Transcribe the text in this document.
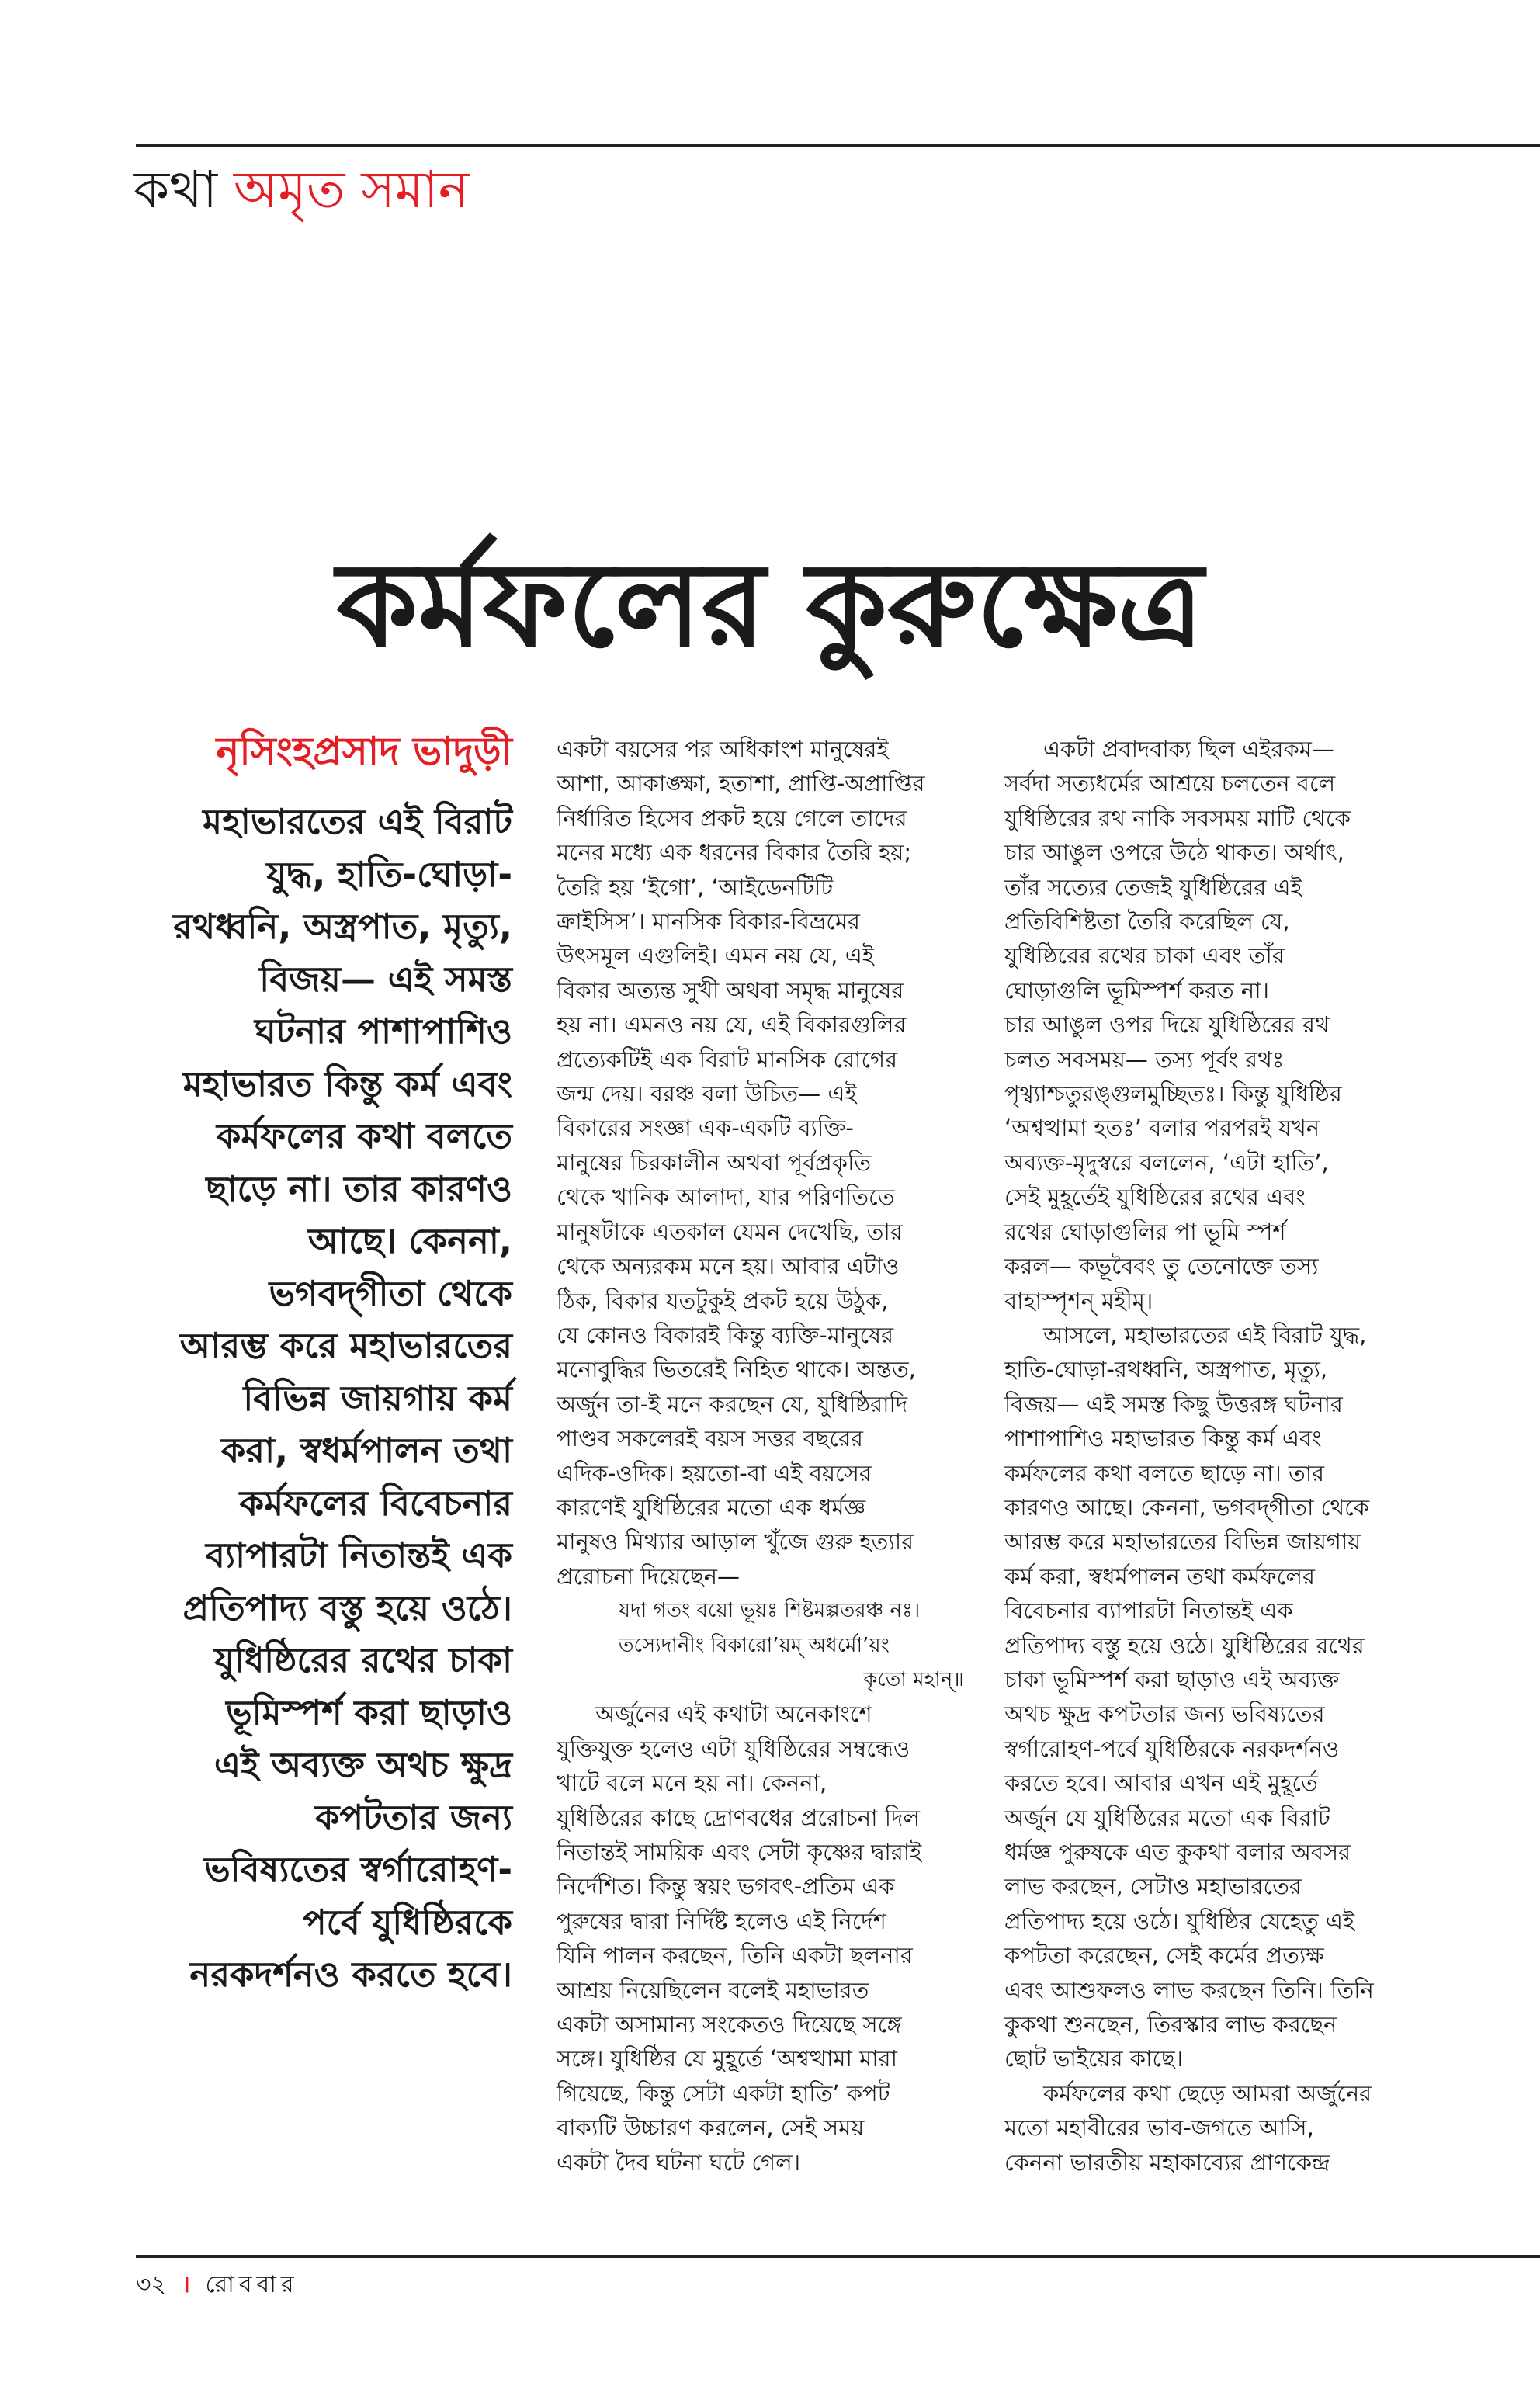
কথা অমৃত সমান
কর্মফলের কুরুক্ষেত্র
নৃসিংহপ্রসাদ ভাদুড়ী
মহাভারতের এই বিরাট
যুদ্ধ, হাতি-ঘোড়া-
রথধ্বনি, অস্ত্রপাত, মৃত্যু,
বিজয়— এই সমস্ত
ঘটনার পাশাপাশিও
মহাভারত কিন্তু কর্ম এবং
কর্মফলের কথা বলতে
ছাড়ে না। তার কারণও
আছে। কেননা,
ভগবদ্‌গীতা থেকে
আরম্ভ করে মহাভারতের
বিভিন্ন জায়গায় কর্ম
করা, স্বধর্মপালন তথা
কর্মফলের বিবেচনার
ব্যাপারটা নিতান্তই এক
প্রতিপাদ্য বস্তু হয়ে ওঠে।
যুধিষ্ঠিরের রথের চাকা
ভূমিস্পর্শ করা ছাড়াও
এই অব্যক্ত অথচ ক্ষুদ্র
কপটতার জন্য
ভবিষ্যতের স্বর্গারোহণ-
পর্বে যুধিষ্ঠিরকে
নরকদর্শনও করতে হবে।
একটা বয়সের পর অধিকাংশ মানুষেরই
আশা, আকাঙ্ক্ষা, হতাশা, প্রাপ্তি-অপ্রাপ্তির
নির্ধারিত হিসেব প্রকট হয়ে গেলে তাদের
মনের মধ্যে এক ধরনের বিকার তৈরি হয়;
তৈরি হয় ‘ইগো’, ‘আইডেনটিটি
ক্রাইসিস’। মানসিক বিকার-বিভ্রমের
উৎসমূল এগুলিই। এমন নয় যে, এই
বিকার অত্যন্ত সুখী অথবা সমৃদ্ধ মানুষের
হয় না। এমনও নয় যে, এই বিকারগুলির
প্রত্যেকটিই এক বিরাট মানসিক রোগের
জন্ম দেয়। বরঞ্চ বলা উচিত— এই
বিকারের সংজ্ঞা এক-একটি ব্যক্তি-
মানুষের চিরকালীন অথবা পূর্বপ্রকৃতি
থেকে খানিক আলাদা, যার পরিণতিতে
মানুষটাকে এতকাল যেমন দেখেছি, তার
থেকে অন্যরকম মনে হয়। আবার এটাও
ঠিক, বিকার যতটুকুই প্রকট হয়ে উঠুক,
যে কোনও বিকারই কিন্তু ব্যক্তি-মানুষের
মনোবুদ্ধির ভিতরেই নিহিত থাকে। অন্তত,
অর্জুন তা-ই মনে করছেন যে, যুধিষ্ঠিরাদি
পাণ্ডব সকলেরই বয়স সত্তর বছরের
এদিক-ওদিক। হয়তো-বা এই বয়সের
কারণেই যুধিষ্ঠিরের মতো এক ধর্মজ্ঞ
মানুষও মিথ্যার আড়াল খুঁজে গুরু হত্যার
প্ররোচনা দিয়েছেন—
যদা গতং বয়ো ভূয়ঃ শিষ্টমল্পতরঞ্চ নঃ।
তস্যেদানীং বিকারো’য়ম্ অধর্মো’য়ং
কৃতো মহান্॥
অর্জুনের এই কথাটা অনেকাংশে
যুক্তিযুক্ত হলেও এটা যুধিষ্ঠিরের সম্বন্ধেও
খাটে বলে মনে হয় না। কেননা,
যুধিষ্ঠিরের কাছে দ্রোণবধের প্ররোচনা দিল
নিতান্তই সাময়িক এবং সেটা কৃষ্ণের দ্বারাই
নির্দেশিত। কিন্তু স্বয়ং ভগবৎ-প্রতিম এক
পুরুষের দ্বারা নির্দিষ্ট হলেও এই নির্দেশ
যিনি পালন করছেন, তিনি একটা ছলনার
আশ্রয় নিয়েছিলেন বলেই মহাভারত
একটা অসামান্য সংকেতও দিয়েছে সঙ্গে
সঙ্গে। যুধিষ্ঠির যে মুহূর্তে ‘অশ্বত্থামা মারা
গিয়েছে, কিন্তু সেটা একটা হাতি’ কপট
বাক্যটি উচ্চারণ করলেন, সেই সময়
একটা দৈব ঘটনা ঘটে গেল।
একটা প্রবাদবাক্য ছিল এইরকম—
সর্বদা সত্যধর্মের আশ্রয়ে চলতেন বলে
যুধিষ্ঠিরের রথ নাকি সবসময় মাটি থেকে
চার আঙুল ওপরে উঠে থাকত। অর্থাৎ,
তাঁর সত্যের তেজই যুধিষ্ঠিরের এই
প্রতিবিশিষ্টতা তৈরি করেছিল যে,
যুধিষ্ঠিরের রথের চাকা এবং তাঁর
ঘোড়াগুলি ভূমিস্পর্শ করত না।
চার আঙুল ওপর দিয়ে যুধিষ্ঠিরের রথ
চলত সবসময়— তস্য পূর্বং রথঃ
পৃথ্ব্যাশ্চতুরঙ্গুলমুচ্ছিতঃ। কিন্তু যুধিষ্ঠির
‘অশ্বত্থামা হতঃ’ বলার পরপরই যখন
অব্যক্ত-মৃদুস্বরে বললেন, ‘এটা হাতি’,
সেই মুহূর্তেই যুধিষ্ঠিরের রথের এবং
রথের ঘোড়াগুলির পা ভূমি স্পর্শ
করল— কভূবৈবং তু তেনোক্তে তস্য
বাহাস্পৃশন্ মহীম্।
আসলে, মহাভারতের এই বিরাট যুদ্ধ,
হাতি-ঘোড়া-রথধ্বনি, অস্ত্রপাত, মৃত্যু,
বিজয়— এই সমস্ত কিছু উত্তরঙ্গ ঘটনার
পাশাপাশিও মহাভারত কিন্তু কর্ম এবং
কর্মফলের কথা বলতে ছাড়ে না। তার
কারণও আছে। কেননা, ভগবদ্‌গীতা থেকে
আরম্ভ করে মহাভারতের বিভিন্ন জায়গায়
কর্ম করা, স্বধর্মপালন তথা কর্মফলের
বিবেচনার ব্যাপারটা নিতান্তই এক
প্রতিপাদ্য বস্তু হয়ে ওঠে। যুধিষ্ঠিরের রথের
চাকা ভূমিস্পর্শ করা ছাড়াও এই অব্যক্ত
অথচ ক্ষুদ্র কপটতার জন্য ভবিষ্যতের
স্বর্গারোহণ-পর্বে যুধিষ্ঠিরকে নরকদর্শনও
করতে হবে। আবার এখন এই মুহূর্তে
অর্জুন যে যুধিষ্ঠিরের মতো এক বিরাট
ধর্মজ্ঞ পুরুষকে এত কুকথা বলার অবসর
লাভ করছেন, সেটাও মহাভারতের
প্রতিপাদ্য হয়ে ওঠে। যুধিষ্ঠির যেহেতু এই
কপটতা করেছেন, সেই কর্মের প্রত্যক্ষ
এবং আশুফলও লাভ করছেন তিনি। তিনি
কুকথা শুনছেন, তিরস্কার লাভ করছেন
ছোট ভাইয়ের কাছে।
কর্মফলের কথা ছেড়ে আমরা অর্জুনের
মতো মহাবীরের ভাব-জগতে আসি,
কেননা ভারতীয় মহাকাব্যের প্রাণকেন্দ্র
৩২ । রোববার
